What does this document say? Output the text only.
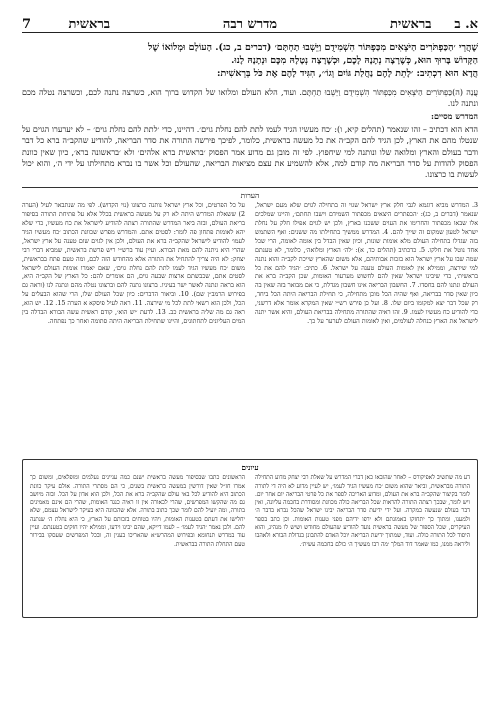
7	בראשית	מדרש רבה	בראשית	א. ב

שֶׁהֲרֵי ׳הַכַּפְתֹּרִים הַיֹּצְאִים מִכַּפְתּוֹר הִשְׁמִידֻם וַיֵּשְׁבוּ תַחְתָּם׳ (דברים ב, כג). הָעוֹלָם וּמְלוֹאוֹ שֶׁל

הַקָּדוֹשׁ בָּרוּךְ הוּא, כְּשֶׁרָצָה נְתָנָהּ לָכֶם, וּכְשֶׁרָצָה נְטָלָהּ מִכֶּם וּנְתָנָהּ לָנוּ.

הֲדָא הוּא דִכְתִיב: ׳לָתֵת לָהֶם נַחֲלַת גּוֹיִם וְגוֹ׳׳, הִגִּיד לָהֶם אֶת כֹּל בְּרֵאשִׁית:

עֲנֵה (ה)כַּפְתּוֹרִים הַיֹּצְאִים מִכַּפְתּוֹר הִשְׁמִידֻם וַיֵּשְׁבוּ תַחְתָּם. ועוד, הלא העולם ומלואו של הקדוש ברוך הוא, כשרצה נתנה לכם, וכשרצה נטלה מכם ונתנה לנו.

המדרש מסיים:

הדא הוא דכתיב – זהו שנאמר (תהלים קיא, ו): ׳כח מעשיו הגיד לעמו לתת להם נחלת גוים׳. דהיינו, כדי ׳לתת להם נחלת גוים׳ – לא יערערו הגוים על שנטלו מהם את הארץ, לכן הגיד להם הקב״ה את כל מעשה בראשית, כלומר, לפיכך פירשה התורה את סדר הבריאה, להודיע שהקב״ה ברא כל דבר ודבר בעולם והארץ ומלואה שלו ונותנה למי שיחפוץ. לפי זה מובן גם מדוע אמר הפסוק ׳בראשית ברא אלהים׳ ולא ׳בראשונה ברא׳, כיון שאין כוונת הפסוק להודות על סדר הבריאה מה קודם למה, אלא להשמיע את עצם מציאות הבריאה, שהעולם וכל אשר בו נברא מתחילתו על ידי ה׳, והוא יכול לעשות בו כרצונו.

הערות

3. המדרש מביא דוגמא לגבי חלק ארץ ישראל שגוי זה בתחילה לגוים שלא מעם ישראל, שנאמר (דברים ב, כג): ׳הכפתרים היצאים מכפתור השמידם וישבו תחתם׳, והיינו שמלכים אלו שבאו מכפתור והחרימו את העוים ששכנו בארץ, ולכן יש לגוים אפילו חלק על נחלת ישראל לטעון שמקום זה שייך להם. 4. המדרש ממשיך בתחילתו מה ששנים: ואף השתמש בזה שגדלו בתחילה העולם מלא אומות שונות, וכיון שאין הבדל בין אומה לאומה, הרי שכל אחד נוטל את חלקו. 5. כדכתיב (תהלים כד, א): ׳לה׳ הארץ ומלואה׳, כלומר, לא טענתם שמה שבו על ארץ ישראל הוא בזכות אבותיהם, אלא משום שהארץ שייכת לקב״ה והוא נתנה למי שירצה, וממילא אין לאומות העולם טענה על ישראל. 6. כתיב: ׳הגיד להם את כל בראשית׳, כדי שיבינו ישראל שאין להם לחשוש מערעור האומות, שכן הקב״ה ברא את העולם ונתנו להם בחסדו. 7. החשבון הבריאה אינו חשבון מגדלת, כי אם מבואר בזה שאין בה כיון שאין סדר בבריאה, ואף שהיה הכל מוכן מתחילה, כי תחילת הבריאה היתה הכל ביחד, רק שכל דבר יצא למקומו ביום שלו. 8. ועל כן פירש רש״י שאין המקרא אומר אלא דרשני, כדי להודיע כח מעשיו לעמו. 9. זהו ראיה שהתורה מתחילה בבריאת העולם, והיא אשר יתנה לישראל את הארץ כנחלה לעולמים, ואין לאומות העולם לערער על כך.

על כל הפרטים, וכל ארץ ישראל נותנה כרצונו (נוי הקדוש). לפי מה שנתבאר לעיל (הערה 2) ששאלת המדרש היתה לא רק על מעשה בראשית בכלל אלא על פתיחת התורה בסיפור בריאת העולם, ובזה ביאר המדרש שהתורה רצתה להודיע לישראל את כח מעשיו, כדי שלא יהא לאומות פתחון פה לומר: לסטים אתם. והמדרש מפרש שכוונת הכתוב ׳כח מעשיו הגיד לעמו׳ להודיע לישראל שהקב״ה ברא את העולם, ולכן אין לגוים שום טענה על ארץ ישראל, שהרי היא ניתנה להם מאת הבורא. ועיין עוד ברש״י ריש פרשת בראשית, שמביא דברי רבי יצחק: לא היה צריך להתחיל את התורה אלא מהחודש הזה לכם, ומה טעם פתח בבראשית, משום ׳כח מעשיו הגיד לעמו לתת להם נחלת גוים׳, שאם יאמרו אומות העולם לישראל לסטים אתם, שכבשתם ארצות שבעה גוים, הם אומרים להם: כל הארץ של הקב״ה היא, הוא בראה ונתנה לאשר ישר בעיניו. ברצונו נתנה להם וברצונו נטלה מהם ונתנה לנו (וראה גם בפירוש הרמב״ן שם). 10. וביאור הדברים: כיון שכל העולם שלו, הרי שהוא הבעלים על הכל, ולכן הוא רשאי לתת לכל מי שירצה. 11. ראה לעיל פיסקא א הערה 15. 12. יש הוא, ראה גם מה של׳ה בראשית כב. 13. לדעת ׳יש הוא׳, קודם ראשית עשה הבורא הבדלה בין המים העליונים לתחתונים, והיינו שתחילת הבריאה היתה סתומה ואחר כך נפתחה.

עיונים

דע מה שתשיב לאפיקורס – לאחר שהובאו כאן דברי המדרש על שאלת רבי יצחק מדוע התחילה התורה מבראשית, וביאר שהוא משום ׳כח מעשיו הגיד לעמו׳, יש לעיין מדוע לא היה די לתורה לומר בקיצור שהקב״ה ברא את העולם, ומדוע האריכה לספר את כל פרטי הבריאה יום אחר יום. ויש לומר, שבכך רצתה התורה להראות שכל הבריאה כולה מכוונת ומסודרת בחכמה עליונה, ואין דבר בעולם שנעשה במקרה. ועל ידי ידיעת סדר הבריאה יבינו ישראל שהכל נברא בדבר ה׳ ולמענו, ומתוך כך יתחזקו באמונתם ולא ירפו ידיהם מפני טענות האומות. וכן כתב בספר העיקרים, שכל הספור של מעשה בראשית נועד להודיע שהעולם מחודש ושיש לו מנהיג, והוא היסוד לכל התורה כולה. ועוד, שמתוך ידיעת הבריאה יוכל האדם להתבונן בגדולת הבורא ולאהבו וליראה ממנו, כמו שאמר דוד המלך ׳מה רבו מעשיך ה׳ כולם בחכמה עשית׳.

הראשונים כתבו שבסיפור מעשה בראשית ישנם כמה עניינים נעלמים ומופלאים, ומשום כך אמרו חז״ל שאין דורשין במעשה בראשית בשנים, כי הם מסתרי התורה. אולם עיקר כוונת הכתוב היא להודיע לכל באי עולם שהקב״ה ברא את הכל, ולכן הוא אדון על הכל. ובזה מיושב גם מה שהקשו המפרשים, שהרי לכאורה אין זו ראיה כנגד האומות, שהרי הם אינם מאמינים בתורה, ומה יועיל להם לומר שכך כתוב בתורה. אלא שהכוונה היא בעיקר לישראל עצמם, שלא יחלישו את דעתם בטענות האומות, ויהיו בטוחים בזכותם על הארץ, כי היא נחלת ה׳ שנתנה להם. ולכן נאמר ׳הגיד לעמו׳ – לעמו דייקא, שהם יבינו וידעו, וממילא יהיו חזקים בטענתם. ועיין עוד במדרש תנחומא ובפירוש המהרש״א שהאריכו בענין זה, ובכל המפרשים שעסקו בבירור טעם התחלת התורה בבראשית.
